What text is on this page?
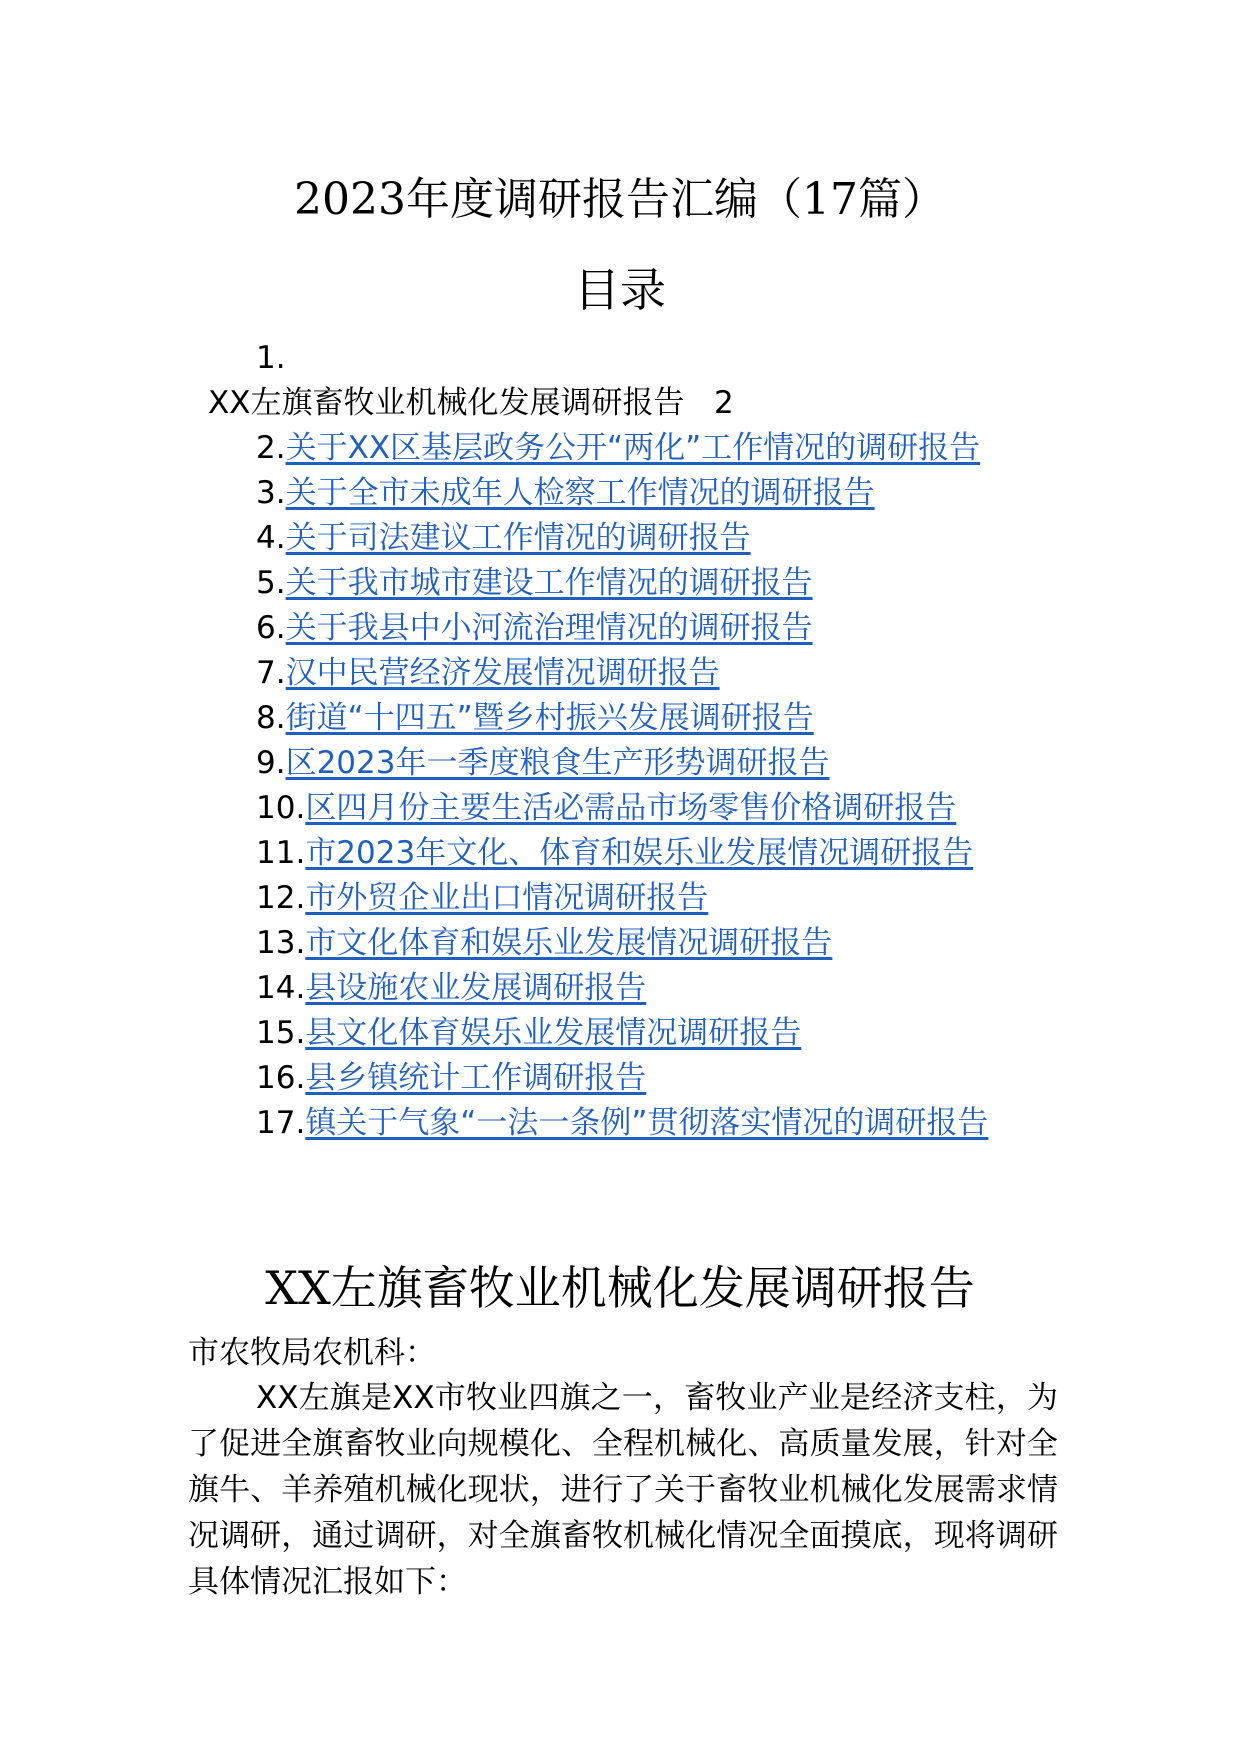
2023年度调研报告汇编（17篇）
目录
1.
XX左旗畜牧业机械化发展调研报告 2
2.关于XX区基层政务公开“两化”工作情况的调研报告
3.关于全市未成年人检察工作情况的调研报告
4.关于司法建议工作情况的调研报告
5.关于我市城市建设工作情况的调研报告
6.关于我县中小河流治理情况的调研报告
7.汉中民营经济发展情况调研报告
8.街道“十四五”暨乡村振兴发展调研报告
9.区2023年一季度粮食生产形势调研报告
10.区四月份主要生活必需品市场零售价格调研报告
11.市2023年文化、体育和娱乐业发展情况调研报告
12.市外贸企业出口情况调研报告
13.市文化体育和娱乐业发展情况调研报告
14.县设施农业发展调研报告
15.县文化体育娱乐业发展情况调研报告
16.县乡镇统计工作调研报告
17.镇关于气象“一法一条例”贯彻落实情况的调研报告
XX左旗畜牧业机械化发展调研报告
市农牧局农机科：

XX左旗是XX市牧业四旗之一，畜牧业产业是经济支柱，为了促进全旗畜牧业向规模化、全程机械化、高质量发展，针对全旗牛、羊养殖机械化现状，进行了关于畜牧业机械化发展需求情况调研，通过调研，对全旗畜牧机械化情况全面摸底，现将调研具体情况汇报如下：
